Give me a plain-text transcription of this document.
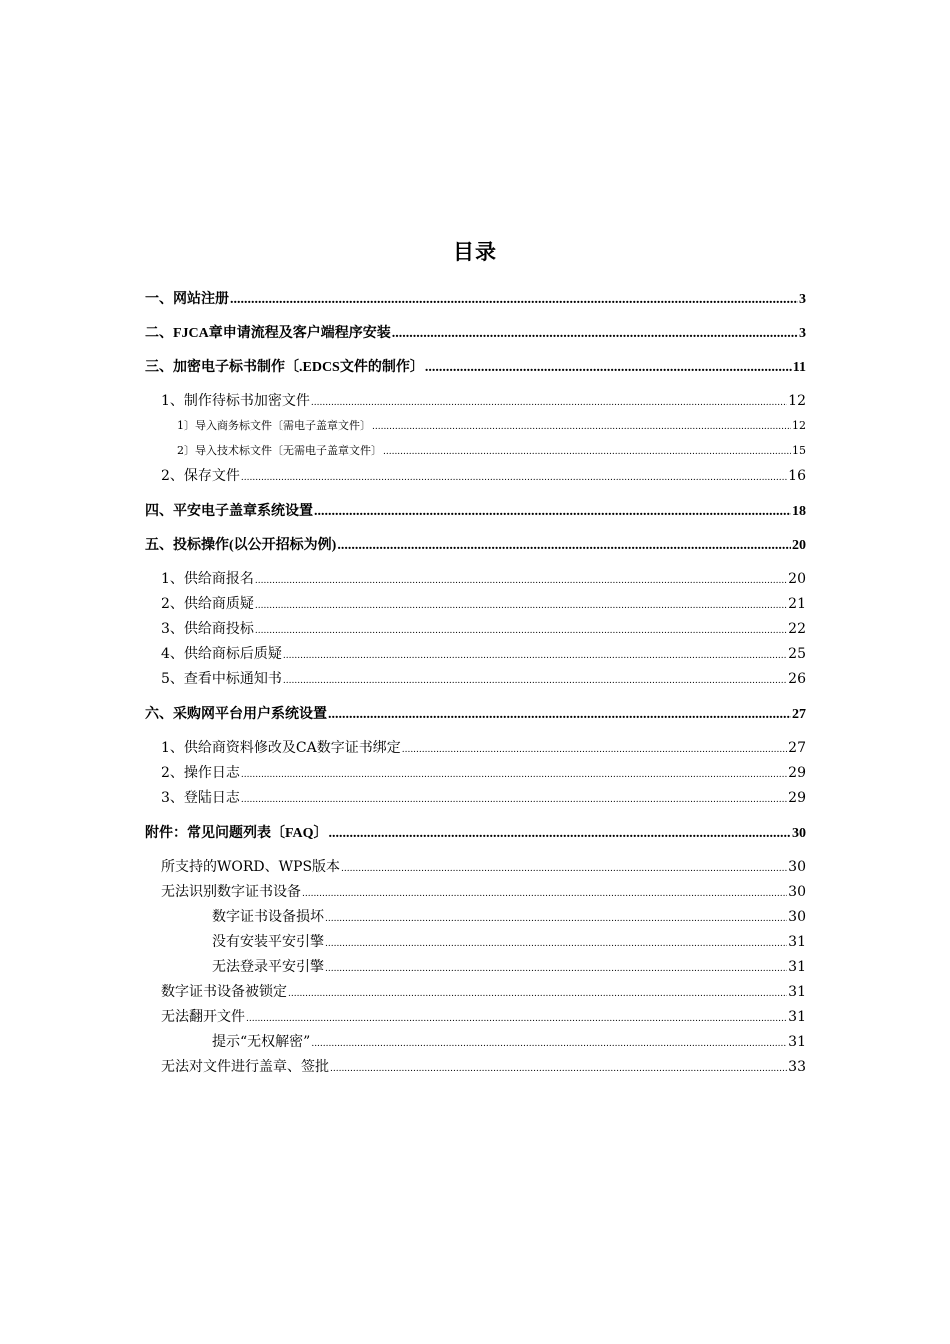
目录
一、网站注册 .....	3
二、FJCA章申请流程及客户端程序安装 .....	3
三、加密电子标书制作〔.EDCS文件的制作〕 .....	11
1、制作待标书加密文件 .....	12
1〕导入商务标文件〔需电子盖章文件〕 .....	12
2〕导入技术标文件〔无需电子盖章文件〕 .....	15
2、保存文件 .....	16
四、平安电子盖章系统设置 .....	18
五、投标操作(以公开招标为例) .....	20
1、供给商报名 .....	20
2、供给商质疑 .....	21
3、供给商投标 .....	22
4、供给商标后质疑 .....	25
5、查看中标通知书 .....	26
六、采购网平台用户系统设置 .....	27
1、供给商资料修改及CA数字证书绑定 .....	27
2、操作日志 .....	29
3、登陆日志 .....	29
附件：常见问题列表〔FAQ〕 .....	30
所支持的WORD、WPS版本 .....	30
无法识别数字证书设备 .....	30
数字证书设备损坏 .....	30
没有安装平安引擎 .....	31
无法登录平安引擎 .....	31
数字证书设备被锁定 .....	31
无法翻开文件 .....	31
提示“无权解密” .....	31
无法对文件进行盖章、签批 .....	33
